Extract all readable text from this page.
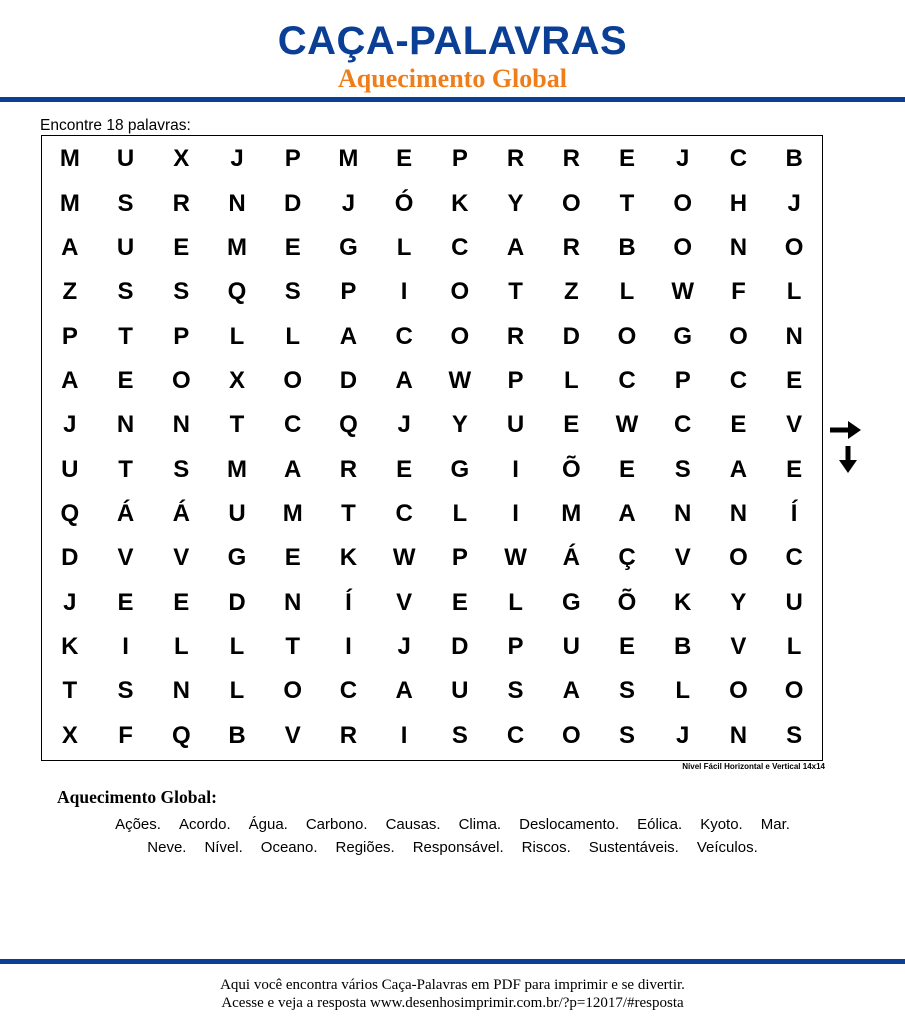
CAÇA-PALAVRAS
Aquecimento Global
Encontre 18 palavras:
M	U	X	J	P	M	E	P	R	R	E	J	C	B
M	S	R	N	D	J	Ó	K	Y	O	T	O	H	J
A	U	E	M	E	G	L	C	A	R	B	O	N	O
Z	S	S	Q	S	P	I	O	T	Z	L	W	F	L
P	T	P	L	L	A	C	O	R	D	O	G	O	N
A	E	O	X	O	D	A	W	P	L	C	P	C	E
J	N	N	T	C	Q	J	Y	U	E	W	C	E	V
U	T	S	M	A	R	E	G	I	Õ	E	S	A	E
Q	Á	Á	U	M	T	C	L	I	M	A	N	N	Í
D	V	V	G	E	K	W	P	W	Á	Ç	V	O	C
J	E	E	D	N	Í	V	E	L	G	Õ	K	Y	U
K	I	L	L	T	I	J	D	P	U	E	B	V	L
T	S	N	L	O	C	A	U	S	A	S	L	O	O
X	F	Q	B	V	R	I	S	C	O	S	J	N	S
Nível Fácil Horizontal e Vertical 14x14
Aquecimento Global:
Ações.	Acordo.	Água.	Carbono.	Causas.	Clima.	Deslocamento.	Eólica.	Kyoto.	Mar.
Neve.	Nível.	Oceano.	Regiões.	Responsável.	Riscos.	Sustentáveis.	Veículos.
Aqui você encontra vários Caça-Palavras em PDF para imprimir e se divertir.
Acesse e veja a resposta www.desenhosimprimir.com.br/?p=12017/#resposta
